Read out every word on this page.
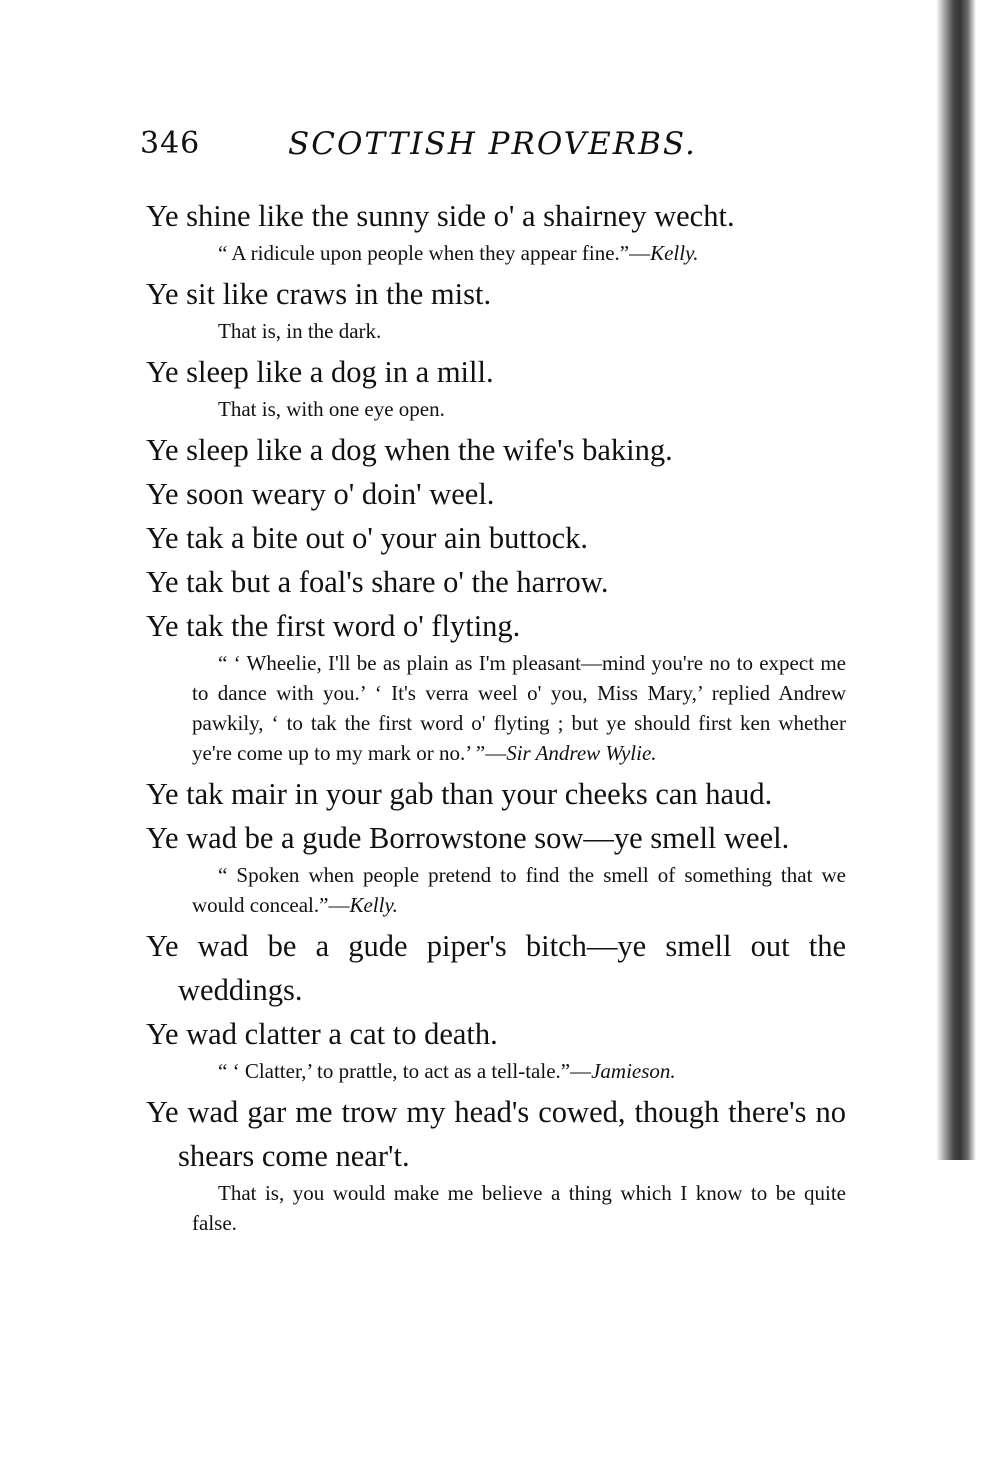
346	SCOTTISH PROVERBS.

Ye shine like the sunny side o' a shairney wecht.

“ A ridicule upon people when they appear fine.”—Kelly.

Ye sit like craws in the mist.

That is, in the dark.

Ye sleep like a dog in a mill.

That is, with one eye open.

Ye sleep like a dog when the wife's baking.

Ye soon weary o' doin' weel.

Ye tak a bite out o' your ain buttock.

Ye tak but a foal's share o' the harrow.

Ye tak the first word o' flyting.

“ ‘ Wheelie, I'll be as plain as I'm pleasant—mind you're no to expect me to dance with you.’ ‘ It's verra weel o' you, Miss Mary,’ replied Andrew pawkily, ‘ to tak the first word o' flyting ; but ye should first ken whether ye're come up to my mark or no.’ ”—Sir Andrew Wylie.

Ye tak mair in your gab than your cheeks can haud.

Ye wad be a gude Borrowstone sow—ye smell weel.

“ Spoken when people pretend to find the smell of something that we would conceal.”—Kelly.

Ye wad be a gude piper's bitch—ye smell out the weddings.

Ye wad clatter a cat to death.

“ ‘ Clatter,’ to prattle, to act as a tell-tale.”—Jamieson.

Ye wad gar me trow my head's cowed, though there's no shears come near't.

That is, you would make me believe a thing which I know to be quite false.
